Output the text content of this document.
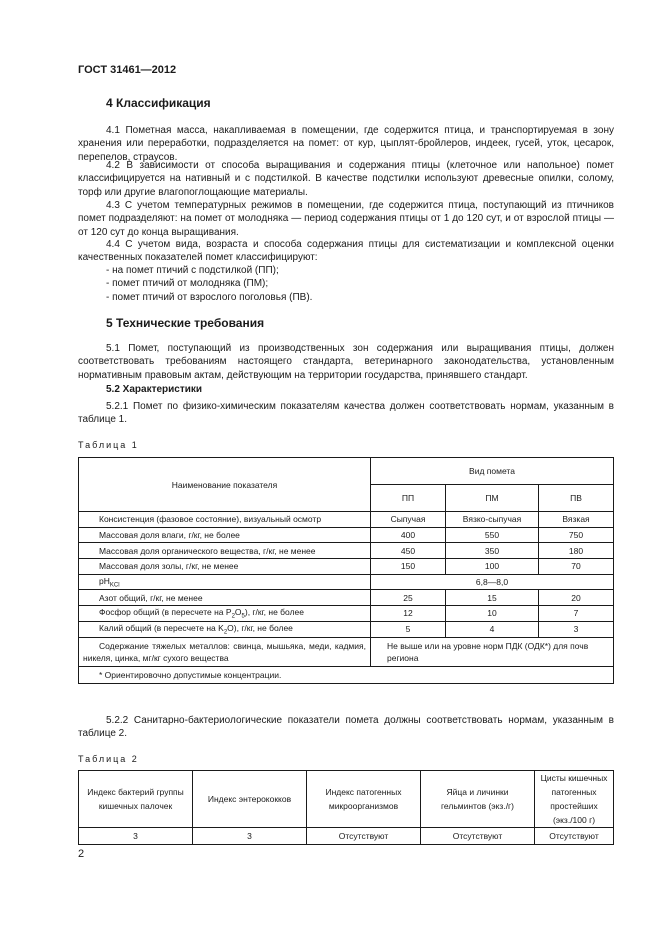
ГОСТ 31461—2012
4 Классификация
4.1 Пометная масса, накапливаемая в помещении, где содержится птица, и транспортируемая в зону хранения или переработки, подразделяется на помет: от кур, цыплят-бройлеров, индеек, гусей, уток, цесарок, перепелов, страусов.
4.2 В зависимости от способа выращивания и содержания птицы (клеточное или напольное) помет классифицируется на нативный и с подстилкой. В качестве подстилки используют древесные опилки, солому, торф или другие влагопоглощающие материалы.
4.3 С учетом температурных режимов в помещении, где содержится птица, поступающий из птичников помет подразделяют: на помет от молодняка — период содержания птицы от 1 до 120 сут, и от взрослой птицы — от 120 сут до конца выращивания.
4.4 С учетом вида, возраста и способа содержания птицы для систематизации и комплексной оценки качественных показателей помет классифицируют:
- на помет птичий с подстилкой (ПП);
- помет птичий от молодняка (ПМ);
- помет птичий от взрослого поголовья (ПВ).
5 Технические требования
5.1 Помет, поступающий из производственных зон содержания или выращивания птицы, должен соответствовать требованиям настоящего стандарта, ветеринарного законодательства, установленным нормативным правовым актам, действующим на территории государства, принявшего стандарт.
5.2 Характеристики
5.2.1 Помет по физико-химическим показателям качества должен соответствовать нормам, указанным в таблице 1.
Таблица 1
Наименование показателя	Вид помета		
	ПП	ПМ	ПВ
Консистенция (фазовое состояние), визуальный осмотр	Сыпучая	Вязко-сыпучая	Вязкая
Массовая доля влаги, г/кг, не более	400	550	750
Массовая доля органического вещества, г/кг, не менее	450	350	180
Массовая доля золы, г/кг, не менее	150	100	70
$pH_{KCl}$	6,8—8,0		
Азот общий, г/кг, не менее	25	15	20
Фосфор общий (в пересчете на $P_2O_5$), г/кг, не более	12	10	7
Калий общий (в пересчете на $K_2O$), г/кг, не более	5	4	3
Содержание тяжелых металлов: свинца, мышьяка, меди, кадмия, никеля, цинка, мг/кг сухого вещества	Не выше или на уровне норм ПДК (ОДК*) для почв региона		
* Ориентировочно допустимые концентрации.			
5.2.2 Санитарно-бактериологические показатели помета должны соответствовать нормам, указанным в таблице 2.
Таблица 2
Индекс бактерий группы кишечных палочек	Индекс энтерококков	Индекс патогенных микроорганизмов	Яйца и личинки гельминтов (экз./г)	Цисты кишечных патогенных простейших (экз./100 г)
3	3	Отсутствуют	Отсутствуют	Отсутствуют
2
